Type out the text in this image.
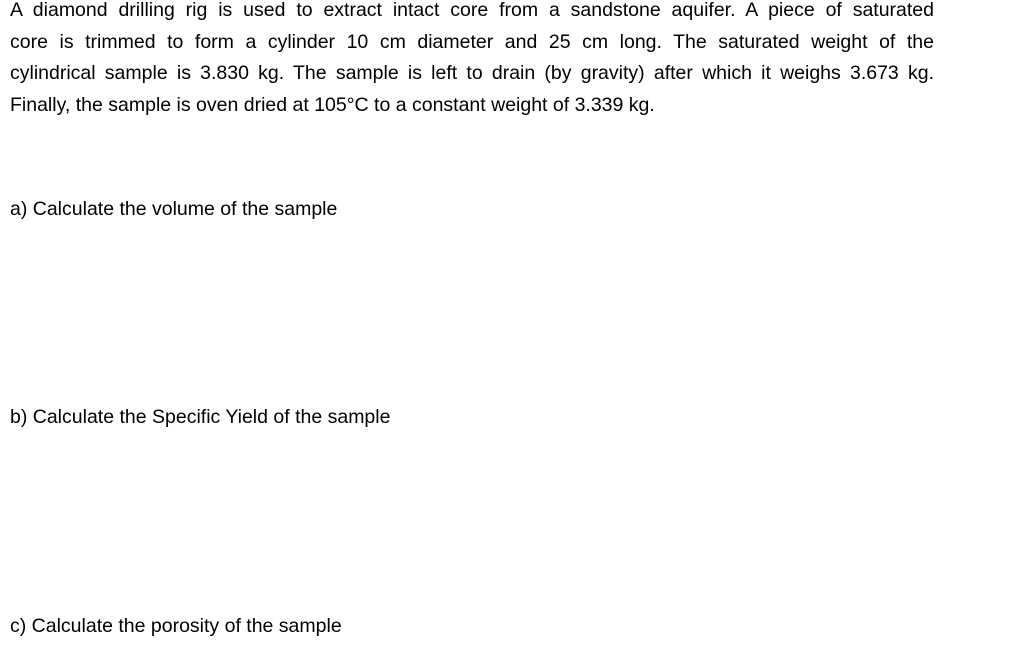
A diamond drilling rig is used to extract intact core from a sandstone aquifer. A piece of saturated
core is trimmed to form a cylinder 10 cm diameter and 25 cm long. The saturated weight of the
cylindrical sample is 3.830 kg. The sample is left to drain (by gravity) after which it weighs 3.673 kg.
Finally, the sample is oven dried at 105°C to a constant weight of 3.339 kg.
a) Calculate the volume of the sample
b) Calculate the Specific Yield of the sample
c) Calculate the porosity of the sample
